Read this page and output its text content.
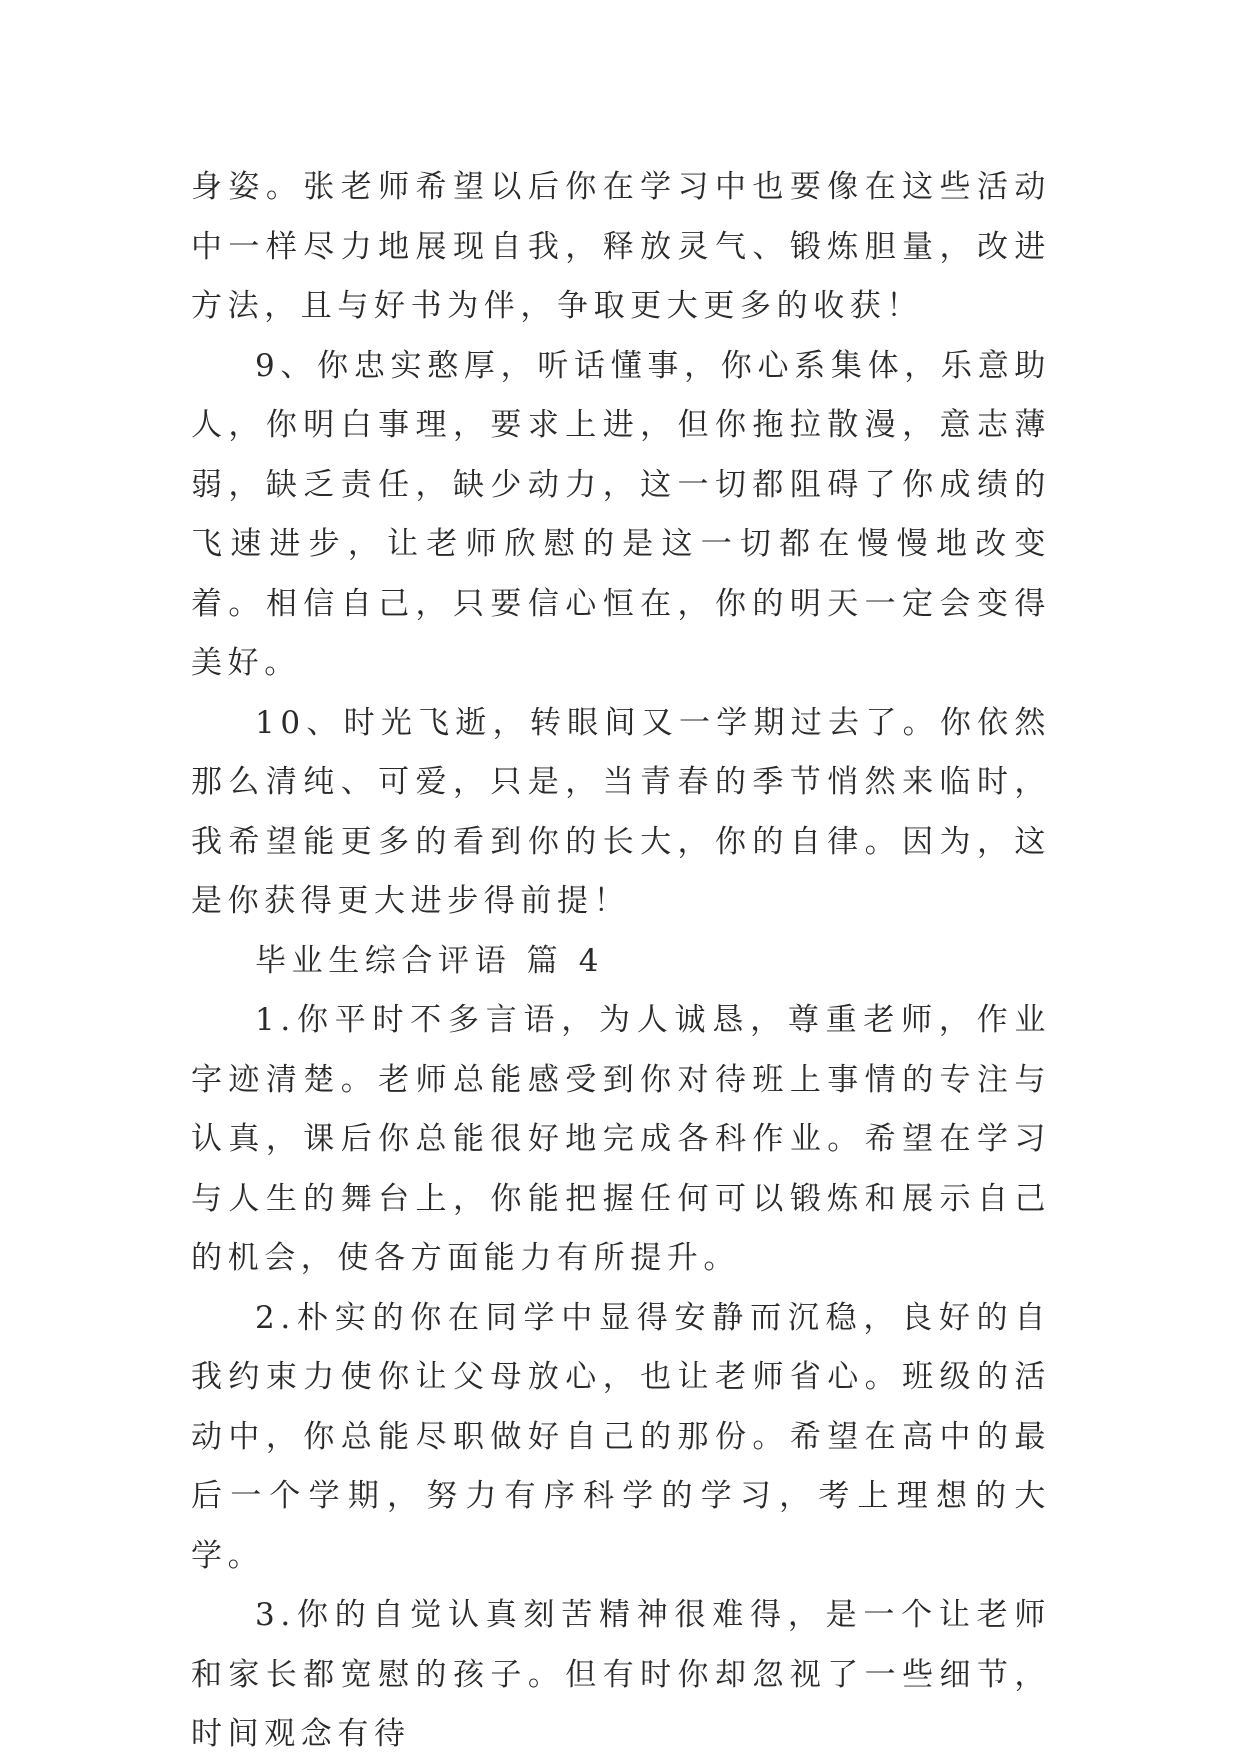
身姿。张老师希望以后你在学习中也要像在这些活动中一样尽力地展现自我，释放灵气、锻炼胆量，改进方法，且与好书为伴，争取更大更多的收获！

9、你忠实憨厚，听话懂事，你心系集体，乐意助人，你明白事理，要求上进，但你拖拉散漫，意志薄弱，缺乏责任，缺少动力，这一切都阻碍了你成绩的飞速进步，让老师欣慰的是这一切都在慢慢地改变着。相信自己，只要信心恒在，你的明天一定会变得美好。

10、时光飞逝，转眼间又一学期过去了。你依然那么清纯、可爱，只是，当青春的季节悄然来临时，我希望能更多的看到你的长大，你的自律。因为，这是你获得更大进步得前提！

毕业生综合评语 篇 4

1.你平时不多言语，为人诚恳，尊重老师，作业字迹清楚。老师总能感受到你对待班上事情的专注与认真，课后你总能很好地完成各科作业。希望在学习与人生的舞台上，你能把握任何可以锻炼和展示自己的机会，使各方面能力有所提升。

2.朴实的你在同学中显得安静而沉稳，良好的自我约束力使你让父母放心，也让老师省心。班级的活动中，你总能尽职做好自己的那份。希望在高中的最后一个学期，努力有序科学的学习，考上理想的大学。

3.你的自觉认真刻苦精神很难得，是一个让老师和家长都宽慰的孩子。但有时你却忽视了一些细节，时间观念有待
